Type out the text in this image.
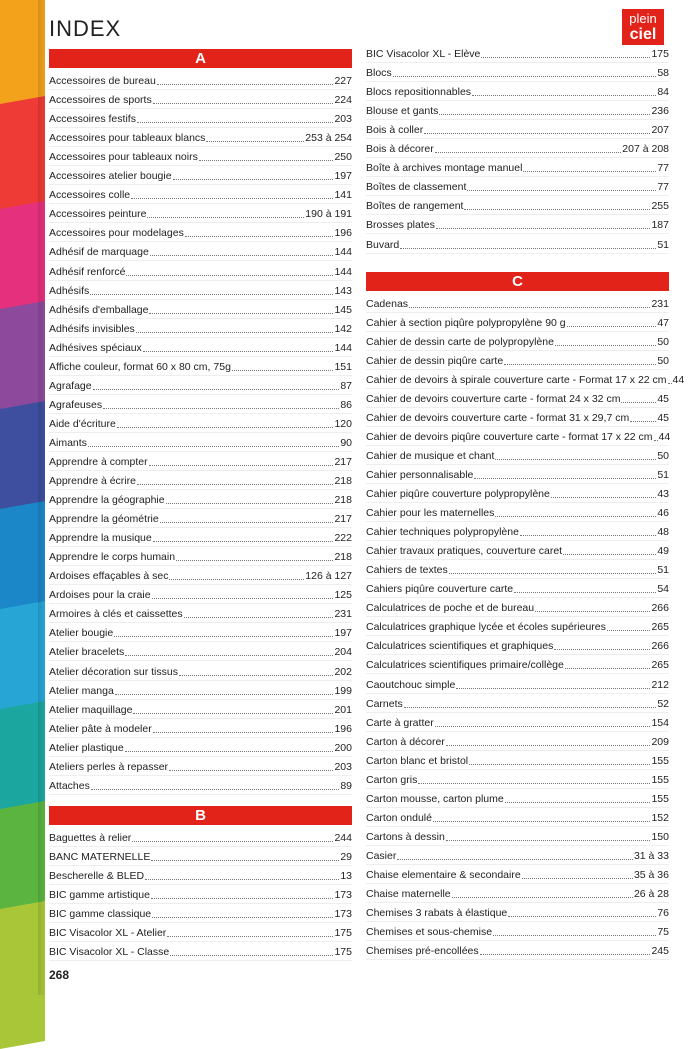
INDEX	plein
ciel
A
Accessoires de bureau	227
Accessoires de sports	224
Accessoires festifs	203
Accessoires pour tableaux blancs	253 à 254
Accessoires pour tableaux noirs	250
Accessoires atelier bougie	197
Accessoires colle	141
Accessoires peinture	190 à 191
Accessoires pour modelages	196
Adhésif de marquage	144
Adhésif renforcé	144
Adhésifs	143
Adhésifs d'emballage	145
Adhésifs invisibles	142
Adhésives spéciaux	144
Affiche couleur, format 60 x 80 cm, 75g	151
Agrafage	87
Agrafeuses	86
Aide d'écriture	120
Aimants	90
Apprendre à compter	217
Apprendre à écrire	218
Apprendre la géographie	218
Apprendre la géométrie	217
Apprendre la musique	222
Apprendre le corps humain	218
Ardoises effaçables à sec	126 à 127
Ardoises pour la craie	125
Armoires à clés et caissettes	231
Atelier bougie	197
Atelier bracelets	204
Atelier décoration sur tissus	202
Atelier manga	199
Atelier maquillage	201
Atelier pâte à modeler	196
Atelier plastique	200
Ateliers perles à repasser	203
Attaches	89
B
Baguettes à relier	244
BANC MATERNELLE	29
Bescherelle & BLED	13
BIC gamme artistique	173
BIC gamme classique	173
BIC Visacolor XL - Atelier	175
BIC Visacolor XL - Classe	175
BIC Visacolor XL - Elève	175
Blocs	58
Blocs repositionnables	84
Blouse et gants	236
Bois à coller	207
Bois à décorer	207 à 208
Boîte à archives montage manuel	77
Boîtes de classement	77
Boîtes de rangement	255
Brosses plates	187
Buvard	51
C
Cadenas	231
Cahier à section piqûre polypropylène 90 g	47
Cahier de dessin carte de polypropylène	50
Cahier de dessin piqûre carte	50
Cahier de devoirs à spirale couverture carte - Format 17 x 22 cm 44
Cahier de devoirs couverture carte - format 24 x 32 cm	45
Cahier de devoirs couverture carte - format 31 x 29,7 cm	45
Cahier de devoirs piqûre couverture carte - format 17 x 22 cm 44
Cahier de musique et chant	50
Cahier personnalisable	51
Cahier piqûre couverture polypropylène	43
Cahier pour les maternelles	46
Cahier techniques polypropylène	48
Cahier travaux pratiques, couverture caret	49
Cahiers de textes	51
Cahiers piqûre couverture carte	54
Calculatrices de poche et de bureau	266
Calculatrices graphique lycée et écoles supérieures	265
Calculatrices scientifiques et graphiques	266
Calculatrices scientifiques primaire/collège	265
Caoutchouc simple	212
Carnets	52
Carte à gratter	154
Carton à décorer	209
Carton blanc et bristol	155
Carton gris	155
Carton mousse, carton plume	155
Carton ondulé	152
Cartons à dessin	150
Casier	31 à 33
Chaise elementaire & secondaire	35 à 36
Chaise maternelle	26 à 28
Chemises 3 rabats à élastique	76
Chemises et sous-chemise	75
Chemises pré-encollées	245
268
